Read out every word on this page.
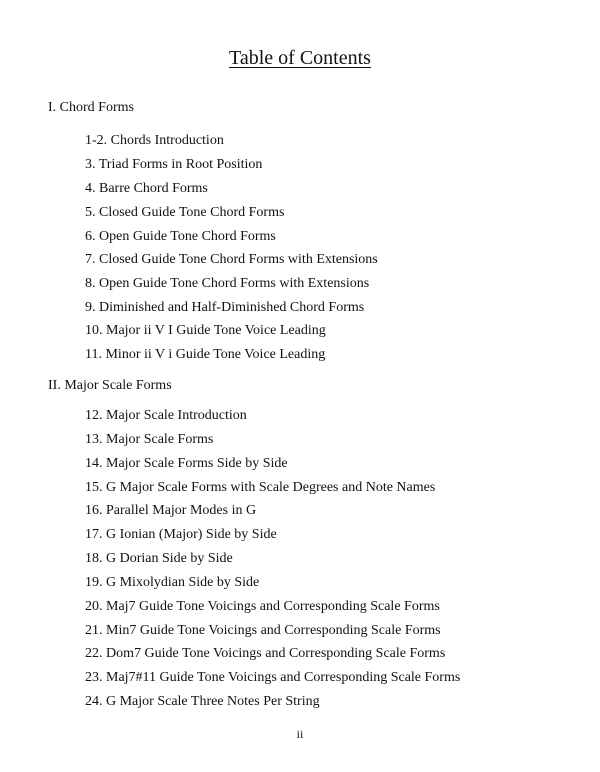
Table of Contents
I. Chord Forms
1-2. Chords Introduction
3. Triad Forms in Root Position
4. Barre Chord Forms
5. Closed Guide Tone Chord Forms
6. Open Guide Tone Chord Forms
7. Closed Guide Tone Chord Forms with Extensions
8. Open Guide Tone Chord Forms with Extensions
9. Diminished and Half-Diminished Chord Forms
10. Major ii V I Guide Tone Voice Leading
11. Minor ii V i Guide Tone Voice Leading
II. Major Scale Forms
12. Major Scale Introduction
13. Major Scale Forms
14. Major Scale Forms Side by Side
15. G Major Scale Forms with Scale Degrees and Note Names
16. Parallel Major Modes in G
17. G Ionian (Major) Side by Side
18. G Dorian Side by Side
19. G Mixolydian Side by Side
20. Maj7 Guide Tone Voicings and Corresponding Scale Forms
21. Min7 Guide Tone Voicings and Corresponding Scale Forms
22. Dom7 Guide Tone Voicings and Corresponding Scale Forms
23. Maj7#11 Guide Tone Voicings and Corresponding Scale Forms
24. G Major Scale Three Notes Per String
ii
